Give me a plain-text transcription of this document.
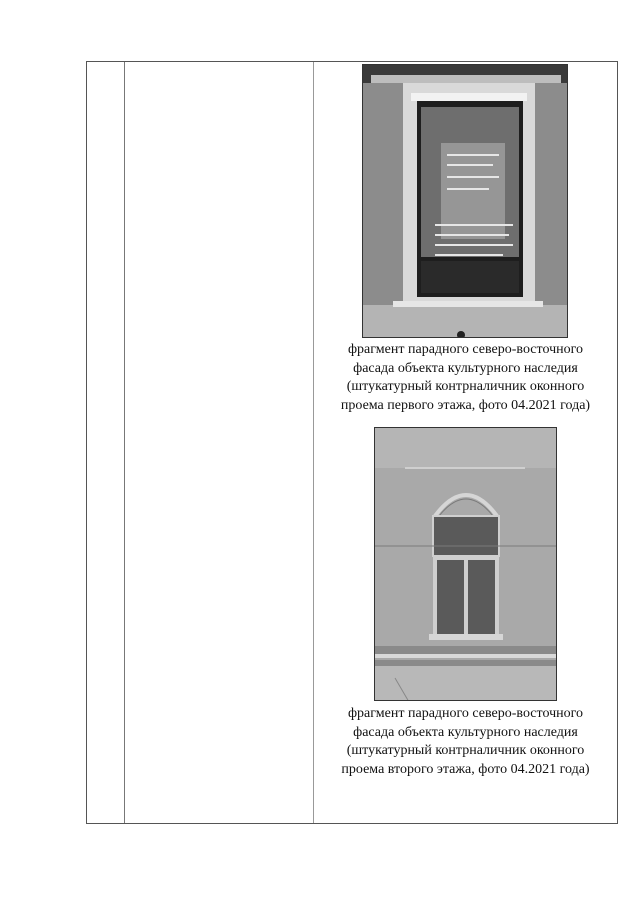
фрагмент парадного северо-восточного
фасада объекта культурного наследия
(штукатурный контрналичник оконного
проема первого этажа, фото 04.2021 года)
фрагмент парадного северо-восточного
фасада объекта культурного наследия
(штукатурный контрналичник оконного
проема второго этажа, фото 04.2021 года)
